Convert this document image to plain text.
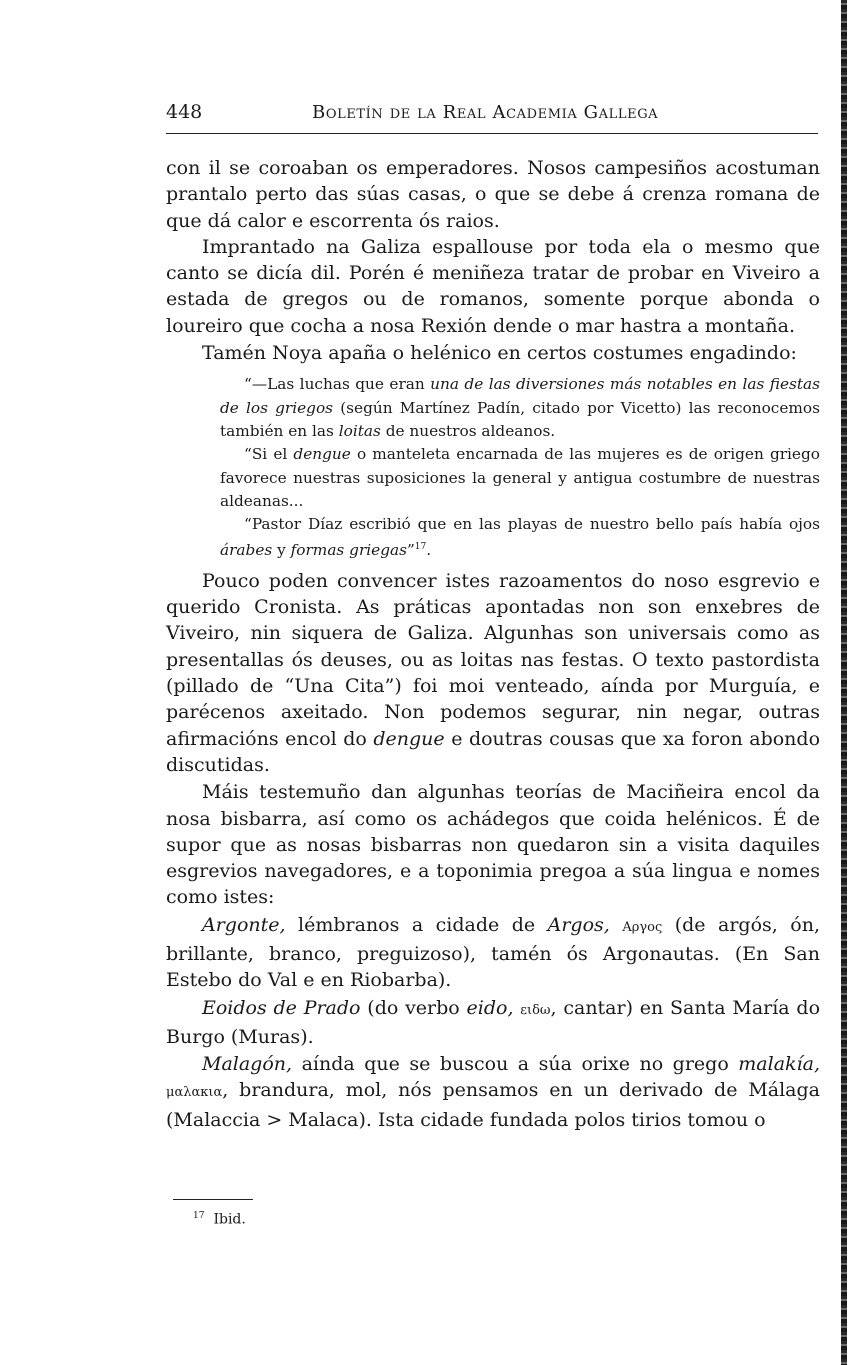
448	Boletín de la Real Academia Gallega

con il se coroaban os emperadores. Nosos campesiños acostuman prantalo perto das súas casas, o que se debe á crenza romana de que dá calor e escorrenta ós raios.

Imprantado na Galiza espallouse por toda ela o mesmo que canto se dicía dil. Porén é meniñeza tratar de probar en Viveiro a estada de gregos ou de romanos, somente porque abonda o loureiro que cocha a nosa Rexión dende o mar hastra a montaña.

Tamén Noya apaña o helénico en certos costumes engadindo:

“—Las luchas que eran una de las diversiones más notables en las fiestas de los griegos (según Martínez Padín, citado por Vicetto) las reconocemos también en las loitas de nuestros aldeanos.

“Si el dengue o manteleta encarnada de las mujeres es de origen griego favorece nuestras suposiciones la general y antigua costumbre de nuestras aldeanas...

“Pastor Díaz escribió que en las playas de nuestro bello país había ojos árabes y formas griegas”$^{17}$.

Pouco poden convencer istes razoamentos do noso esgrevio e querido Cronista. As práticas apontadas non son enxebres de Viveiro, nin siquera de Galiza. Algunhas son universais como as presentallas ós deuses, ou as loitas nas festas. O texto pastordista (pillado de “Una Cita”) foi moi venteado, aínda por Murguía, e parécenos axeitado. Non podemos segurar, nin negar, outras afirmacións encol do dengue e doutras cousas que xa foron abondo discutidas.

Máis testemuño dan algunhas teorías de Maciñeira encol da nosa bisbarra, así como os achádegos que coida helénicos. É de supor que as nosas bisbarras non quedaron sin a visita daquiles esgrevios navegadores, e a toponimia pregoa a súa lingua e nomes como istes:

Argonte, lémbranos a cidade de Argos, Αργος (de argós, ón, brillante, branco, preguizoso), tamén ós Argonautas. (En San Estebo do Val e en Riobarba).

Eoidos de Prado (do verbo eido, ειδω, cantar) en Santa María do Burgo (Muras).

Malagón, aínda que se buscou a súa orixe no grego malakía, μαλακια, brandura, mol, nós pensamos en un derivado de Málaga (Malaccia > Malaca). Ista cidade fundada polos tirios tomou o

$^{17}$ Ibid.
